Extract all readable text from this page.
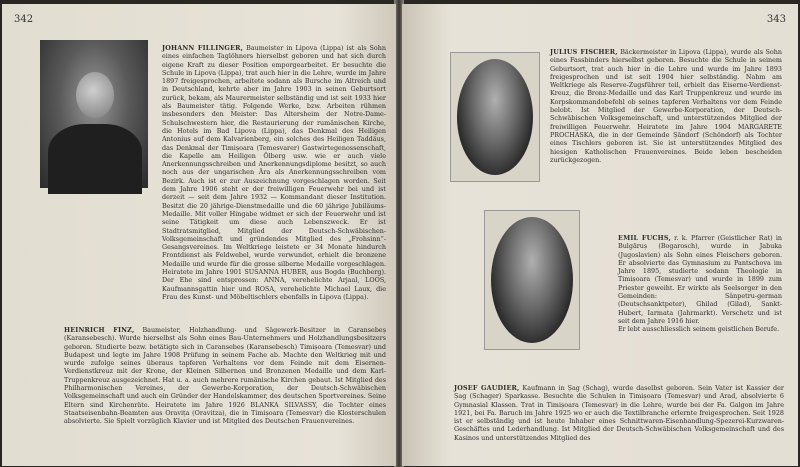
342

JOHANN FILLINGER, Baumeister in Lipova (Lippa) ist als Sohn eines einfachen Taglöhners hierselbst geboren und hat sich durch eigene Kraft zu dieser Position emporgearbeitet. Er besuchte die Schule in Lipova (Lippa), trat auch hier in die Lehre, wurde im Jahre 1897 freigesprochen, arbeitete sodann als Bursche im Altreich und in Deutschland, kehrte aber im Jahre 1903 in seinen Geburtsort zurück, bekam, als Maurermeister selbständig und ist seit 1933 hier als Baumeister tätig. Folgende Werke, bzw. Arbeiten rühmen insbesonders den Meister: Das Altersheim der Notre-Dame-Schulschwestern hier, die Restaurierung der rumänischen Kirche, die Hotels im Bad Lipova (Lippa), das Denkmal des Heiligen Antonius auf dem Kalvarienberg, ein solches des Heiligen Taddäus, das Denkmal der Timișoara (Temesvarer) Gastwirtegenossenschaft, die Kapelle am Heiligen Ölberg usw. wie er auch viele Anerkennungsschreiben und Anerkennungsdiplome besitzt, so auch noch aus der ungarischen Ära als Anerkennungsschreiben vom Bezirk. Auch ist er zur Auszeichnung vorgeschlagen worden. Seit dem Jahre 1906 steht er der freiwilligen Feuerwehr bei und ist derzeit — seit dem Jahre 1932 — Kommandant dieser Institution. Besitzt die 20 jährige-Dienstmedaille und die 60 jährige Jubiläums-Medaille. Mit voller Hingabe widmet er sich der Feuerwehr und ist seine Tätigkeit um diese auch Lebenszweck. Er ist Stadtratsmitglied, Mitglied der Deutsch-Schwäbischen-Volksgemeinschaft und gründendes Mitglied des „Frohsinn“-Gesangsvereines. Im Weltkriege leistete er 34 Monate hindurch Frontdienst als Feldwebel, wurde verwundet, erhielt die bronzene Medaille und wurde für die grosse silberne Medaille vorgeschlagen. Heiratete im Jahre 1901 SUSANNA HUBER, aus Bogda (Buchberg). Der Ehe sind entsprossen: ANNA, verehelichte Arjaal, LOOS, Kaufmannsgattin hier und ROSA, verehelichte Michael Laux, die Frau des Kunst- und Möbeltischlers ebenfalls in Lipova (Lippa).

HEINRICH FINZ, Baumeister, Holzhandlung- und Sägewerk-Besitzer in Caransebeș (Karansebesch). Wurde hierselbst als Sohn eines Bau-Unternehmers und Holzhandlungsbesitzers geboren. Studierte bezw. betätigte sich in Caransebeș (Karansebesch) Timișoara (Temesvar) und Budapest und legte im Jahre 1908 Prüfung in seinem Fache ab. Machte den Weltkrieg mit und wurde zufolge seines überaus tapferen Verhaltens vor dem Feinde mit dem Eisernen-Verdienstkreuz mit der Krone, der Kleinen Silbernen und Bronzenen Medaille und dem Karl-Truppenkreuz ausgezeichnet. Hat u. a. auch mehrere rumänische Kirchen gebaut. Ist Mitglied des Philharmonischen Vereines, der Gewerbe-Korporation, der Deutsch-Schwäbischen Volksgemeinschaft und auch ein Gründer der Handelskammer, des deutschen Sportvereines. Seine Eltern sind Kirchenräte. Heiratete im Jahre 1926 BLANKA SILVASSY, die Tochter eines Staatseisenbahn-Beamten aus Oravița (Oravitza), die in Timișoara (Temesvar) die Klosterschulen absolvierte. Sie Spielt vorzüglich Klavier und ist Mitglied des Deutschen Frauenvereines.

343

JULIUS FISCHER, Bäckermeister in Lipova (Lippa), wurde als Sohn eines Fassbinders hierselbst geboren. Besuchte die Schule in seinem Geburtsort, trat auch hier in die Lehre und wurde im Jahre 1893 freigesprochen und ist seit 1904 hier selbständig. Nahm am Weltkriege als Reserve-Zugsführer teil, erhielt das Eiserne-Verdienst-Kreuz, die Bronz-Medaille und das Karl Truppenkreuz und wurde im Korpskommandobefehl ob seines tapferen Verhaltens vor dem Feinde belobt. Ist Mitglied der Gewerbe-Korporation, der Deutsch-Schwäbischen Volksgemeinschaft, und unterstützendes Mitglied der freiwilligen Feuerwehr. Heiratete im Jahre 1904 MARGARETE PROCHASKA, die in der Gemeinde Șăndorf (Schöndorf) als Tochter eines Tischlers geboren ist. Sie ist unterstützendes Mitglied des hiesigen Katholischen Frauenvereines. Beide leben bescheiden zurückgezogen.

EMIL FUCHS, r. k. Pfarrer (Geistlicher Rat) in Bulgăruș (Bogarosch), wurde in Jabuka (Jugoslavien) als Sohn eines Fleischers geboren. Er absolvierte das Gymnasium zu Pantschova im Jahre 1895, studierte sodann Theologie in Timișoara (Temesvar) und wurde in 1899 zum Priester geweiht. Er wirkte als Seelsorger in den Gemeinden: Sânpetru-german (Deutschsanktpeter), Ghilad (Gilad), Sankt-Hubert, Iarmata (Jahrmarkt). Verschetz und ist seit dem Jahre 1916 hier.
Er lebt ausschliesslich seinem geistlichen Berufe.

JOSEF GAUDIER, Kaufmann in Șag (Schag), wurde daselbst geboren. Sein Vater ist Kassier der Șag (Schager) Sparkasse. Besuchte die Schulen in Timișoara (Temesvar) und Arad, absolvierte 6 Gymnasial Klassen. Trat in Timișoara (Temesvar) in die Lehre, wurde bei der Fa. Galgon im Jahre 1921, bei Fa. Baruch im Jahre 1925 wo er auch die Textilbranche erlernte freigesprochen. Seit 1928 ist er selbständig und ist heute Inhaber eines Schnittwaren-Eisenhandlung-Spezerei-Kurzwaren-Geschäftes und Lederhandlung. Ist Mitglied der Deutsch-Schwäbischen Volksgemeinschaft und des Kasinos und unterstützendes Mitglied des
